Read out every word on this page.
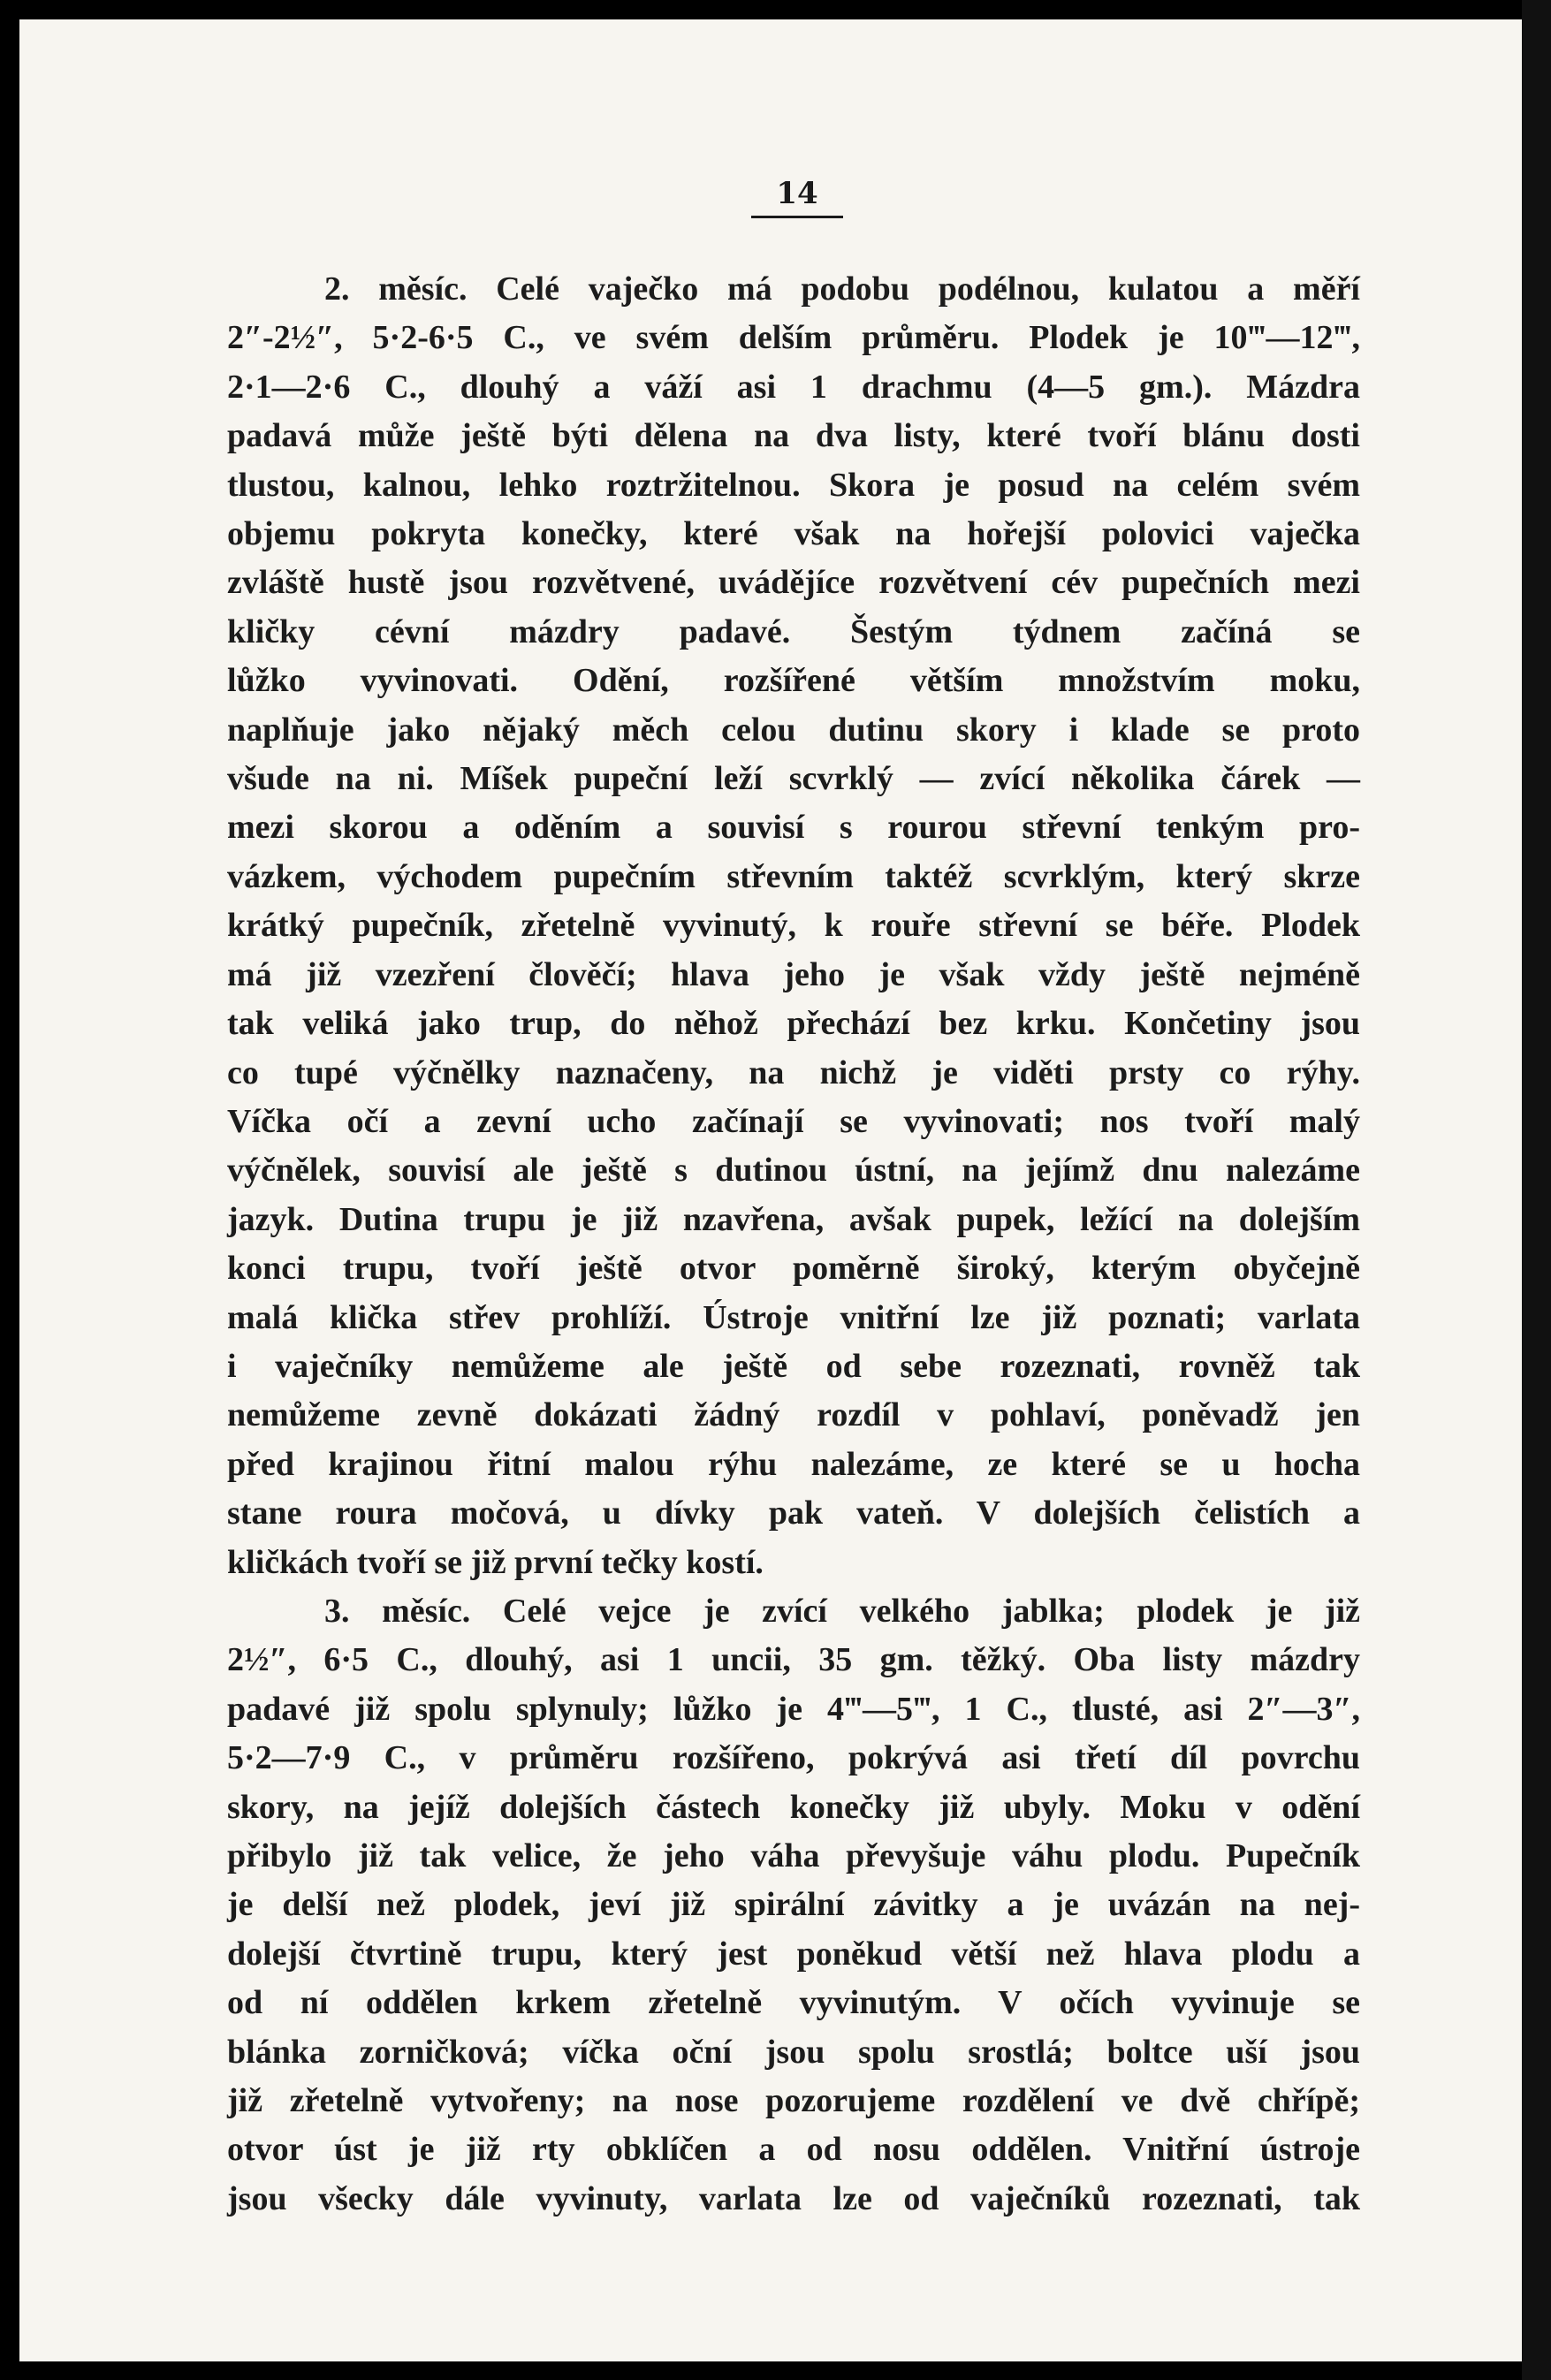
14

2. měsíc. Celé vaječko má podobu podélnou, kulatou a měří

2″-2½″, 5·2-6·5 C., ve svém delším průměru. Plodek je 10‴—12‴,

2·1—2·6 C., dlouhý a váží asi 1 drachmu (4—5 gm.). Mázdra

padavá může ještě býti dělena na dva listy, které tvoří blánu dosti

tlustou, kalnou, lehko roztržitelnou. Skora je posud na celém svém

objemu pokryta konečky, které však na hořejší polovici vaječka

zvláště hustě jsou rozvětvené, uvádějíce rozvětvení cév pupečních mezi

kličky cévní mázdry padavé. Šestým týdnem začíná se

lůžko vyvinovati. Odění, rozšířené větším množstvím moku,

naplňuje jako nějaký měch celou dutinu skory i klade se proto

všude na ni. Míšek pupeční leží scvrklý — zvící několika čárek —

mezi skorou a oděním a souvisí s rourou střevní tenkým pro-

vázkem, východem pupečním střevním taktéž scvrklým, který skrze

krátký pupečník, zřetelně vyvinutý, k rouře střevní se béře. Plodek

má již vzezření člověčí; hlava jeho je však vždy ještě nejméně

tak veliká jako trup, do něhož přechází bez krku. Končetiny jsou

co tupé výčnělky naznačeny, na nichž je viděti prsty co rýhy.

Víčka očí a zevní ucho začínají se vyvinovati; nos tvoří malý

výčnělek, souvisí ale ještě s dutinou ústní, na jejímž dnu nalezáme

jazyk. Dutina trupu je již nzavřena, avšak pupek, ležící na dolejším

konci trupu, tvoří ještě otvor poměrně široký, kterým obyčejně

malá klička střev prohlíží. Ústroje vnitřní lze již poznati; varlata

i vaječníky nemůžeme ale ještě od sebe rozeznati, rovněž tak

nemůžeme zevně dokázati žádný rozdíl v pohlaví, poněvadž jen

před krajinou řitní malou rýhu nalezáme, ze které se u hocha

stane roura močová, u dívky pak vateň. V dolejších čelistích a

kličkách tvoří se již první tečky kostí.

3. měsíc. Celé vejce je zvící velkého jablka; plodek je již

2½″, 6·5 C., dlouhý, asi 1 uncii, 35 gm. těžký. Oba listy mázdry

padavé již spolu splynuly; lůžko je 4‴—5‴, 1 C., tlusté, asi 2″—3″,

5·2—7·9 C., v průměru rozšířeno, pokrývá asi třetí díl povrchu

skory, na jejíž dolejších částech konečky již ubyly. Moku v odění

přibylo již tak velice, že jeho váha převyšuje váhu plodu. Pupečník

je delší než plodek, jeví již spirální závitky a je uvázán na nej-

dolejší čtvrtině trupu, který jest poněkud větší než hlava plodu a

od ní oddělen krkem zřetelně vyvinutým. V očích vyvinuje se

blánka zorničková; víčka oční jsou spolu srostlá; boltce uší jsou

již zřetelně vytvořeny; na nose pozorujeme rozdělení ve dvě chřípě;

otvor úst je již rty obklíčen a od nosu oddělen. Vnitřní ústroje

jsou všecky dále vyvinuty, varlata lze od vaječníků rozeznati, tak
